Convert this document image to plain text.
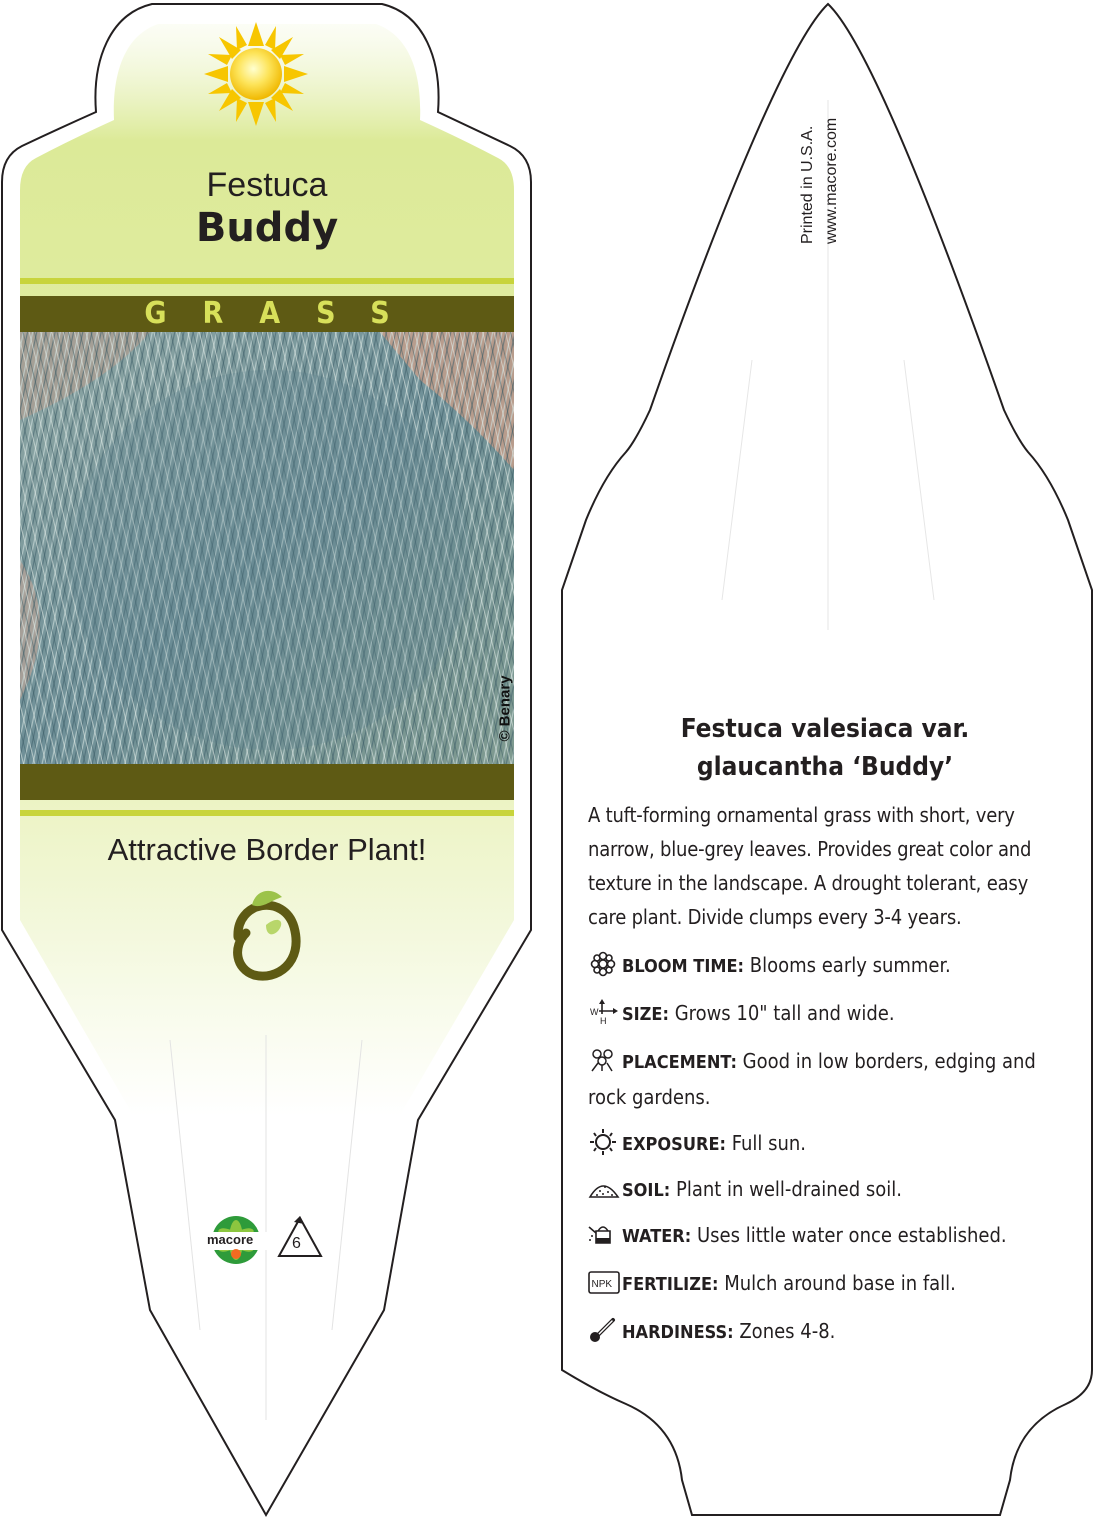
Festuca
Buddy
GRASS
© Benary
Attractive Border Plant!
macore 6
Printed in U.S.A. www.macore.com
Festuca valesiaca var.
glaucantha ‘Buddy’
A tuft-forming ornamental grass with short, very narrow, blue-grey leaves. Provides great color and texture in the landscape. A drought tolerant, easy care plant. Divide clumps every 3-4 years.
BLOOM TIME: Blooms early summer.
W
H SIZE: Grows 10" tall and wide.
PLACEMENT: Good in low borders, edging and rock gardens.
EXPOSURE: Full sun.
SOIL: Plant in well-drained soil.
WATER: Uses little water once established.
NPK FERTILIZE: Mulch around base in fall.
HARDINESS: Zones 4-8.
